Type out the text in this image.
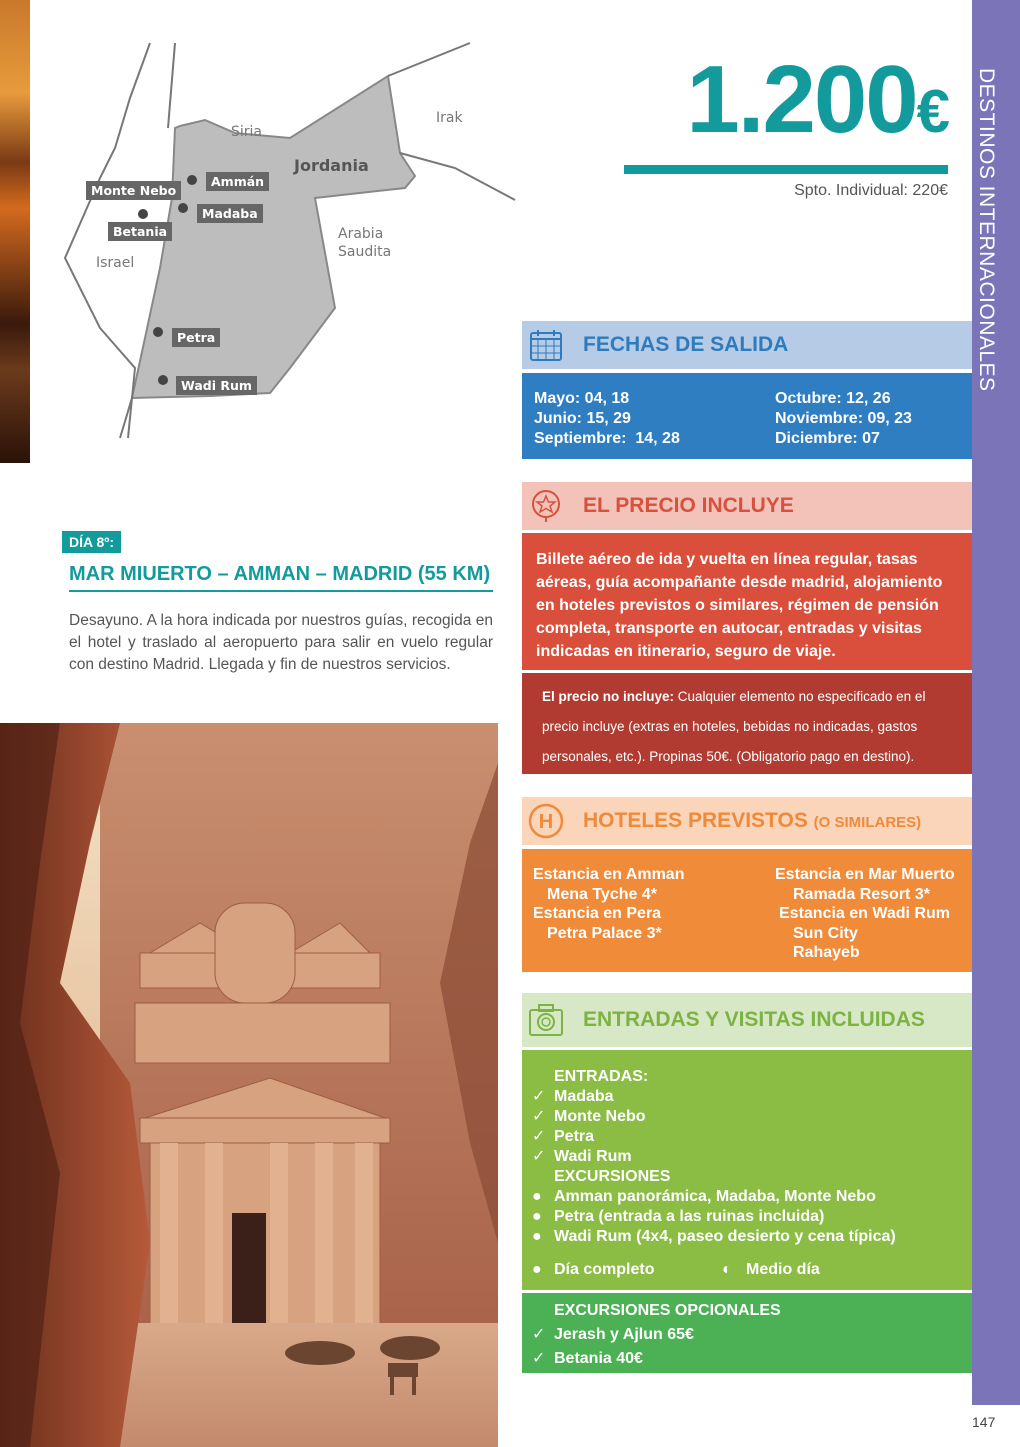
Siria
Irak
Jordania
Arabia
Saudita
Israel
Ammán
Monte Nebo
Madaba
Betania
Petra
Wadi Rum
1.200€
Spto. Individual: 220€ DESTINOS INTERNACIONALES
147
FECHAS DE SALIDA
Mayo: 04, 18
Junio: 15, 29
Septiembre:  14, 28
Octubre: 12, 26
Noviembre: 09, 23
Diciembre: 07
EL PRECIO INCLUYE
Billete aéreo de ida y vuelta en línea regular, tasas aéreas, guía acompañante desde madrid, alojamiento en hoteles previstos o similares, régimen de pensión completa, transporte en autocar, entradas y visitas indicadas en itinerario, seguro de viaje.
El precio no incluye: Cualquier elemento no especificado en el precio incluye (extras en hoteles, bebidas no indicadas, gastos personales, etc.). Propinas 50€. (Obligatorio pago en destino).
H HOTELES PREVISTOS (O SIMILARES)
Estancia en Amman
Mena Tyche 4*
Estancia en Pera
Petra Palace 3*
Estancia en Mar Muerto
Ramada Resort 3*
Estancia en Wadi Rum
Sun City
Rahayeb
ENTRADAS Y VISITAS INCLUIDAS
ENTRADAS:
✓ Madaba
✓ Monte Nebo
✓ Petra
✓ Wadi Rum
EXCURSIONES
● Amman panorámica, Madaba, Monte Nebo
● Petra (entrada a las ruinas incluida)
● Wadi Rum (4x4, paseo desierto y cena típica)
● Día completo	◐ Medio día
EXCURSIONES OPCIONALES
✓ Jerash y Ajlun 65€
✓ Betania 40€
DÍA 8º:
MAR MIUERTO – AMMAN – MADRID (55 KM)
Desayuno. A la hora indicada por nuestros guías, recogida en el hotel y traslado al aeropuerto para salir en vuelo regular con destino Madrid. Llegada y fin de nuestros servicios.
